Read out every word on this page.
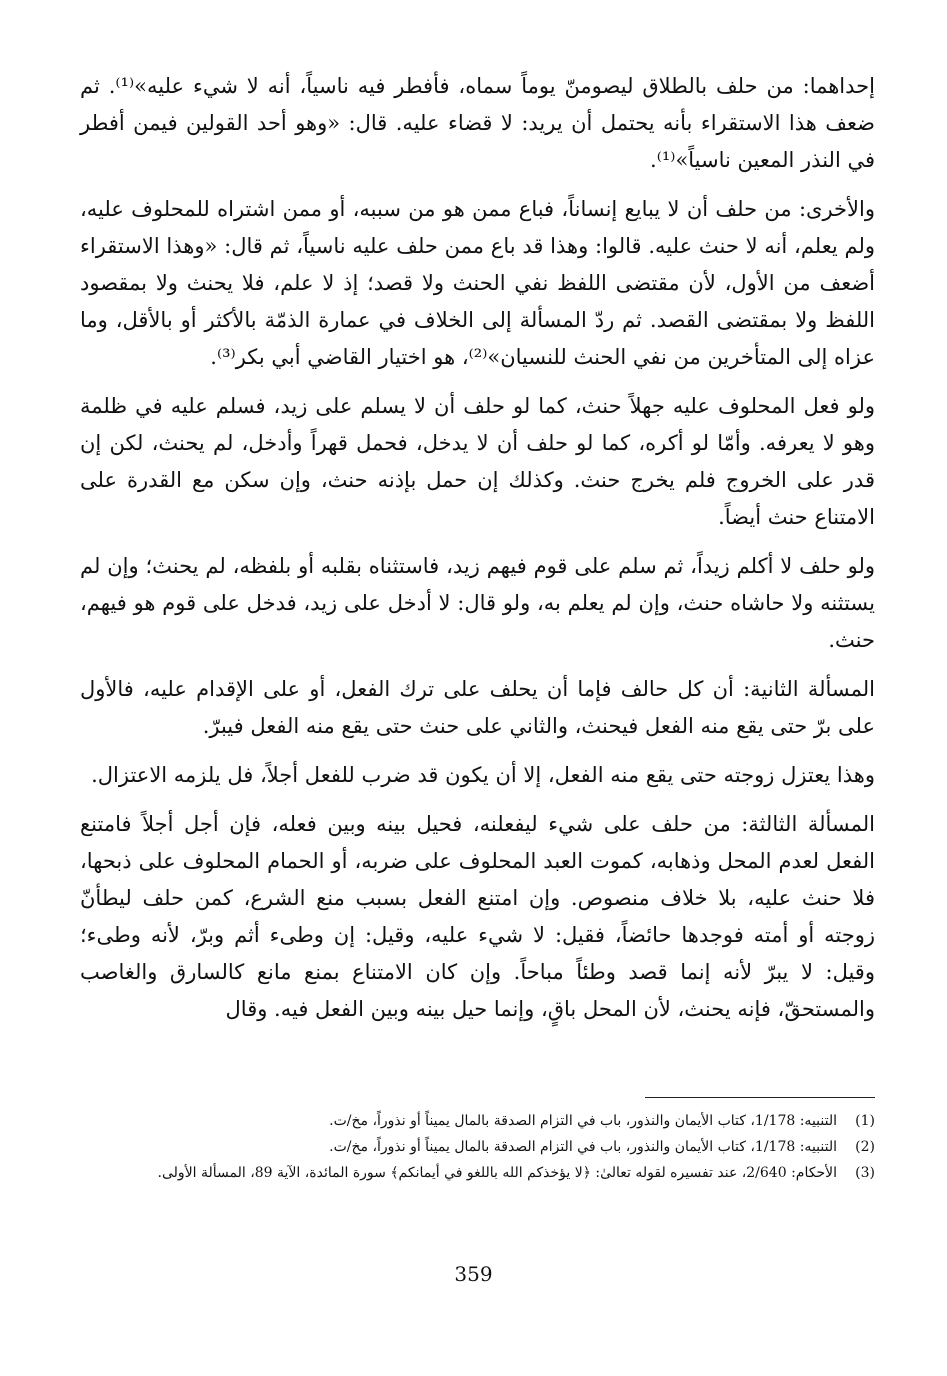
إحداهما: من حلف بالطلاق ليصومنّ يوماً سماه، فأفطر فيه ناسياً، أنه لا شيء عليه»⁽¹⁾. ثم ضعف هذا الاستقراء بأنه يحتمل أن يريد: لا قضاء عليه. قال: «وهو أحد القولين فيمن أفطر في النذر المعين ناسياً»⁽¹⁾.

والأخرى: من حلف أن لا يبايع إنساناً، فباع ممن هو من سببه، أو ممن اشتراه للمحلوف عليه، ولم يعلم، أنه لا حنث عليه. قالوا: وهذا قد باع ممن حلف عليه ناسياً، ثم قال: «وهذا الاستقراء أضعف من الأول، لأن مقتضى اللفظ نفي الحنث ولا قصد؛ إذ لا علم، فلا يحنث ولا بمقصود اللفظ ولا بمقتضى القصد. ثم ردّ المسألة إلى الخلاف في عمارة الذمّة بالأكثر أو بالأقل، وما عزاه إلى المتأخرين من نفي الحنث للنسيان»⁽²⁾، هو اختيار القاضي أبي بكر⁽³⁾.

ولو فعل المحلوف عليه جهلاً حنث، كما لو حلف أن لا يسلم على زيد، فسلم عليه في ظلمة وهو لا يعرفه. وأمّا لو أكره، كما لو حلف أن لا يدخل، فحمل قهراً وأدخل، لم يحنث، لكن إن قدر على الخروج فلم يخرج حنث. وكذلك إن حمل بإذنه حنث، وإن سكن مع القدرة على الامتناع حنث أيضاً.

ولو حلف لا أكلم زيداً، ثم سلم على قوم فيهم زيد، فاستثناه بقلبه أو بلفظه، لم يحنث؛ وإن لم يستثنه ولا حاشاه حنث، وإن لم يعلم به، ولو قال: لا أدخل على زيد، فدخل على قوم هو فيهم، حنث.

المسألة الثانية: أن كل حالف فإما أن يحلف على ترك الفعل، أو على الإقدام عليه، فالأول على برّ حتى يقع منه الفعل فيحنث، والثاني على حنث حتى يقع منه الفعل فيبرّ.

وهذا يعتزل زوجته حتى يقع منه الفعل، إلا أن يكون قد ضرب للفعل أجلاً، فل يلزمه الاعتزال.

المسألة الثالثة: من حلف على شيء ليفعلنه، فحيل بينه وبين فعله، فإن أجل أجلاً فامتنع الفعل لعدم المحل وذهابه، كموت العبد المحلوف على ضربه، أو الحمام المحلوف على ذبحها، فلا حنث عليه، بلا خلاف منصوص. وإن امتنع الفعل بسبب منع الشرع، كمن حلف ليطأنّ زوجته أو أمته فوجدها حائضاً، فقيل: لا شيء عليه، وقيل: إن وطىء أثم وبرّ، لأنه وطىء؛ وقيل: لا يبرّ لأنه إنما قصد وطئاً مباحاً. وإن كان الامتناع بمنع مانع كالسارق والغاصب والمستحقّ، فإنه يحنث، لأن المحل باقٍ، وإنما حيل بينه وبين الفعل فيه. وقال

(1)
التنبيه: 1/178، كتاب الأيمان والنذور، باب في التزام الصدقة بالمال يميناً أو نذوراً، مخ/ت.
(2)
التنبيه: 1/178، كتاب الأيمان والنذور، باب في التزام الصدقة بالمال يميناً أو نذوراً، مخ/ت.
(3)
الأحكام: 2/640، عند تفسيره لقوله تعالىٰ: ﴿لا يؤخذكم الله باللغو في أيمانكم﴾ سورة المائدة، الآية 89، المسألة الأولى.
359
